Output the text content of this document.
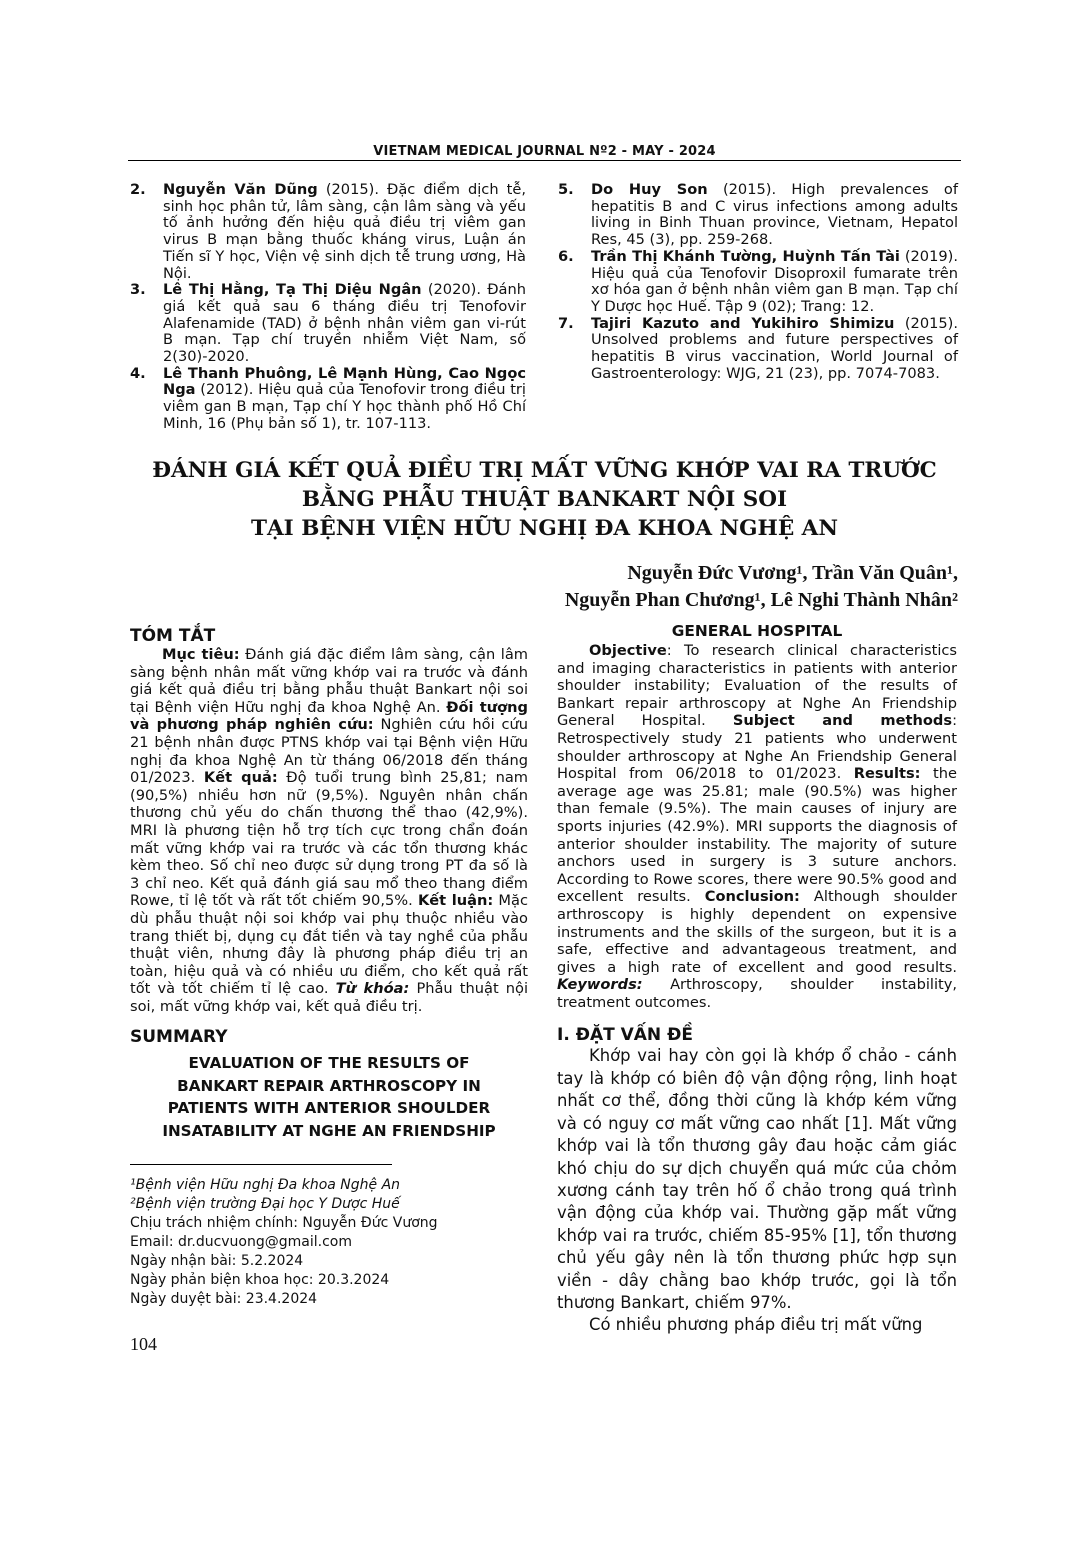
VIETNAM MEDICAL JOURNAL Nº2 - MAY - 2024
2.	Nguyễn Văn Dũng (2015). Đặc điểm dịch tễ, sinh học phân tử, lâm sàng, cận lâm sàng và yếu tố ảnh hưởng đến hiệu quả điều trị viêm gan virus B mạn bằng thuốc kháng virus, Luận án Tiến sĩ Y học, Viện vệ sinh dịch tễ trung ương, Hà Nội.
3.	Lê Thị Hằng, Tạ Thị Diệu Ngân (2020). Đánh giá kết quả sau 6 tháng điều trị Tenofovir Alafenamide (TAD) ở bệnh nhân viêm gan vi-rút B mạn. Tạp chí truyền nhiễm Việt Nam, số 2(30)-2020.
4.	Lê Thanh Phuông, Lê Mạnh Hùng, Cao Ngọc Nga (2012). Hiệu quả của Tenofovir trong điều trị viêm gan B mạn, Tạp chí Y học thành phố Hồ Chí Minh, 16 (Phụ bản số 1), tr. 107-113.
5.	Do Huy Son (2015). High prevalences of hepatitis B and C virus infections among adults living in Binh Thuan province, Vietnam, Hepatol Res, 45 (3), pp. 259-268.
6.	Trần Thị Khánh Tường, Huỳnh Tấn Tài (2019). Hiệu quả của Tenofovir Disoproxil fumarate trên xơ hóa gan ở bệnh nhân viêm gan B mạn. Tạp chí Y Dược học Huế. Tập 9 (02); Trang: 12.
7.	Tajiri Kazuto and Yukihiro Shimizu (2015). Unsolved problems and future perspectives of hepatitis B virus vaccination, World Journal of Gastroenterology: WJG, 21 (23), pp. 7074-7083.
ĐÁNH GIÁ KẾT QUẢ ĐIỀU TRỊ MẤT VỮNG KHỚP VAI RA TRƯỚC
BẰNG PHẪU THUẬT BANKART NỘI SOI
TẠI BỆNH VIỆN HỮU NGHỊ ĐA KHOA NGHỆ AN
Nguyễn Đức Vương¹, Trần Văn Quân¹,
Nguyễn Phan Chương¹, Lê Nghi Thành Nhân²
TÓM TẮT
Mục tiêu: Đánh giá đặc điểm lâm sàng, cận lâm sàng bệnh nhân mất vững khớp vai ra trước và đánh giá kết quả điều trị bằng phẫu thuật Bankart nội soi tại Bệnh viện Hữu nghị đa khoa Nghệ An. Đối tượng và phương pháp nghiên cứu: Nghiên cứu hồi cứu 21 bệnh nhân được PTNS khớp vai tại Bệnh viện Hữu nghị đa khoa Nghệ An từ tháng 06/2018 đến tháng 01/2023. Kết quả: Độ tuổi trung bình 25,81; nam (90,5%) nhiều hơn nữ (9,5%). Nguyên nhân chấn thương chủ yếu do chấn thương thể thao (42,9%). MRI là phương tiện hỗ trợ tích cực trong chẩn đoán mất vững khớp vai ra trước và các tổn thương khác kèm theo. Số chỉ neo được sử dụng trong PT đa số là 3 chỉ neo. Kết quả đánh giá sau mổ theo thang điểm Rowe, tỉ lệ tốt và rất tốt chiếm 90,5%. Kết luận: Mặc dù phẫu thuật nội soi khớp vai phụ thuộc nhiều vào trang thiết bị, dụng cụ đắt tiền và tay nghề của phẫu thuật viên, nhưng đây là phương pháp điều trị an toàn, hiệu quả và có nhiều ưu điểm, cho kết quả rất tốt và tốt chiếm tỉ lệ cao. Từ khóa: Phẫu thuật nội soi, mất vững khớp vai, kết quả điều trị.
SUMMARY
EVALUATION OF THE RESULTS OF
BANKART REPAIR ARTHROSCOPY IN
PATIENTS WITH ANTERIOR SHOULDER
INSATABILITY AT NGHE AN FRIENDSHIP
¹Bệnh viện Hữu nghị Đa khoa Nghệ An
²Bệnh viện trường Đại học Y Dược Huế
Chịu trách nhiệm chính: Nguyễn Đức Vương
Email: dr.ducvuong@gmail.com
Ngày nhận bài: 5.2.2024
Ngày phản biện khoa học: 20.3.2024
Ngày duyệt bài: 23.4.2024
GENERAL HOSPITAL
Objective: To research clinical characteristics and imaging characteristics in patients with anterior shoulder instability; Evaluation of the results of Bankart repair arthroscopy at Nghe An Friendship General Hospital. Subject and methods: Retrospectively study 21 patients who underwent shoulder arthroscopy at Nghe An Friendship General Hospital from 06/2018 to 01/2023. Results: the average age was 25.81; male (90.5%) was higher than female (9.5%). The main causes of injury are sports injuries (42.9%). MRI supports the diagnosis of anterior shoulder instability. The majority of suture anchors used in surgery is 3 suture anchors. According to Rowe scores, there were 90.5% good and excellent results. Conclusion: Although shoulder arthroscopy is highly dependent on expensive instruments and the skills of the surgeon, but it is a safe, effective and advantageous treatment, and gives a high rate of excellent and good results. Keywords: Arthroscopy, shoulder instability, treatment outcomes.
I. ĐẶT VẤN ĐỀ
Khớp vai hay còn gọi là khớp ổ chảo - cánh tay là khớp có biên độ vận động rộng, linh hoạt nhất cơ thể, đồng thời cũng là khớp kém vững và có nguy cơ mất vững cao nhất [1]. Mất vững khớp vai là tổn thương gây đau hoặc cảm giác khó chịu do sự dịch chuyển quá mức của chỏm xương cánh tay trên hố ổ chảo trong quá trình vận động của khớp vai. Thường gặp mất vững khớp vai ra trước, chiếm 85-95% [1], tổn thương chủ yếu gây nên là tổn thương phức hợp sụn viền - dây chằng bao khớp trước, gọi là tổn thương Bankart, chiếm 97%.
Có nhiều phương pháp điều trị mất vững
104
